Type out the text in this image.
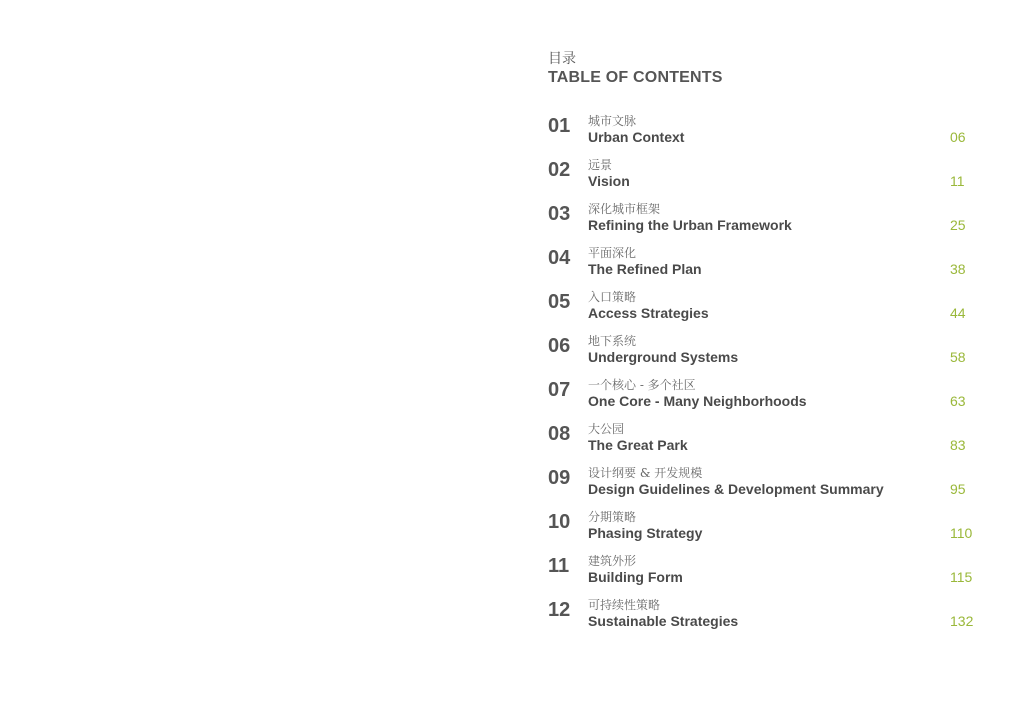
目录
TABLE OF CONTENTS
01 城市文脉
Urban Context	06
02 远景
Vision	11
03 深化城市框架
Refining the Urban Framework	25
04 平面深化
The Refined Plan	38
05 入口策略
Access Strategies	44
06 地下系统
Underground Systems	58
07 一个核心 - 多个社区
One Core - Many Neighborhoods	63
08 大公园
The Great Park	83
09 设计纲要 & 开发规模
Design Guidelines & Development Summary	95
10 分期策略
Phasing Strategy	110
11 建筑外形
Building Form	115
12 可持续性策略
Sustainable Strategies	132
